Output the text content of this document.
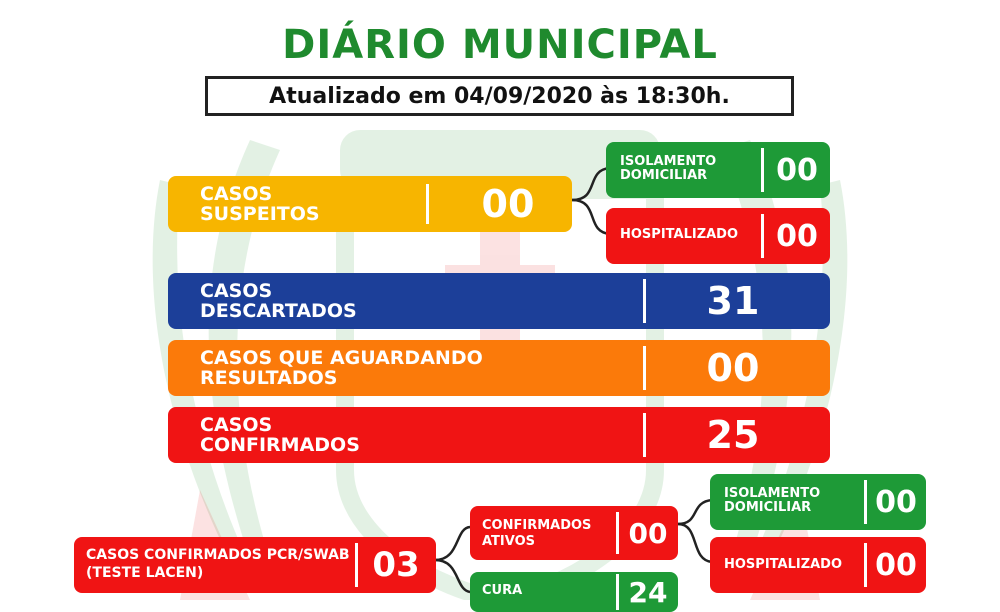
DIÁRIO MUNICIPAL
Atualizado em 04/09/2020 às 18:30h.
CASOS SUSPEITOS	00
ISOLAMENTO DOMICILIAR	00
HOSPITALIZADO 00
CASOS DESCARTADOS	31
CASOS QUE AGUARDANDO RESULTADOS	00
CASOS CONFIRMADOS	25
CASOS CONFIRMADOS PCR/SWAB (TESTE LACEN)	03
CONFIRMADOS ATIVOS	00
CURA	24
ISOLAMENTO DOMICILIAR	00
HOSPITALIZADO 00
